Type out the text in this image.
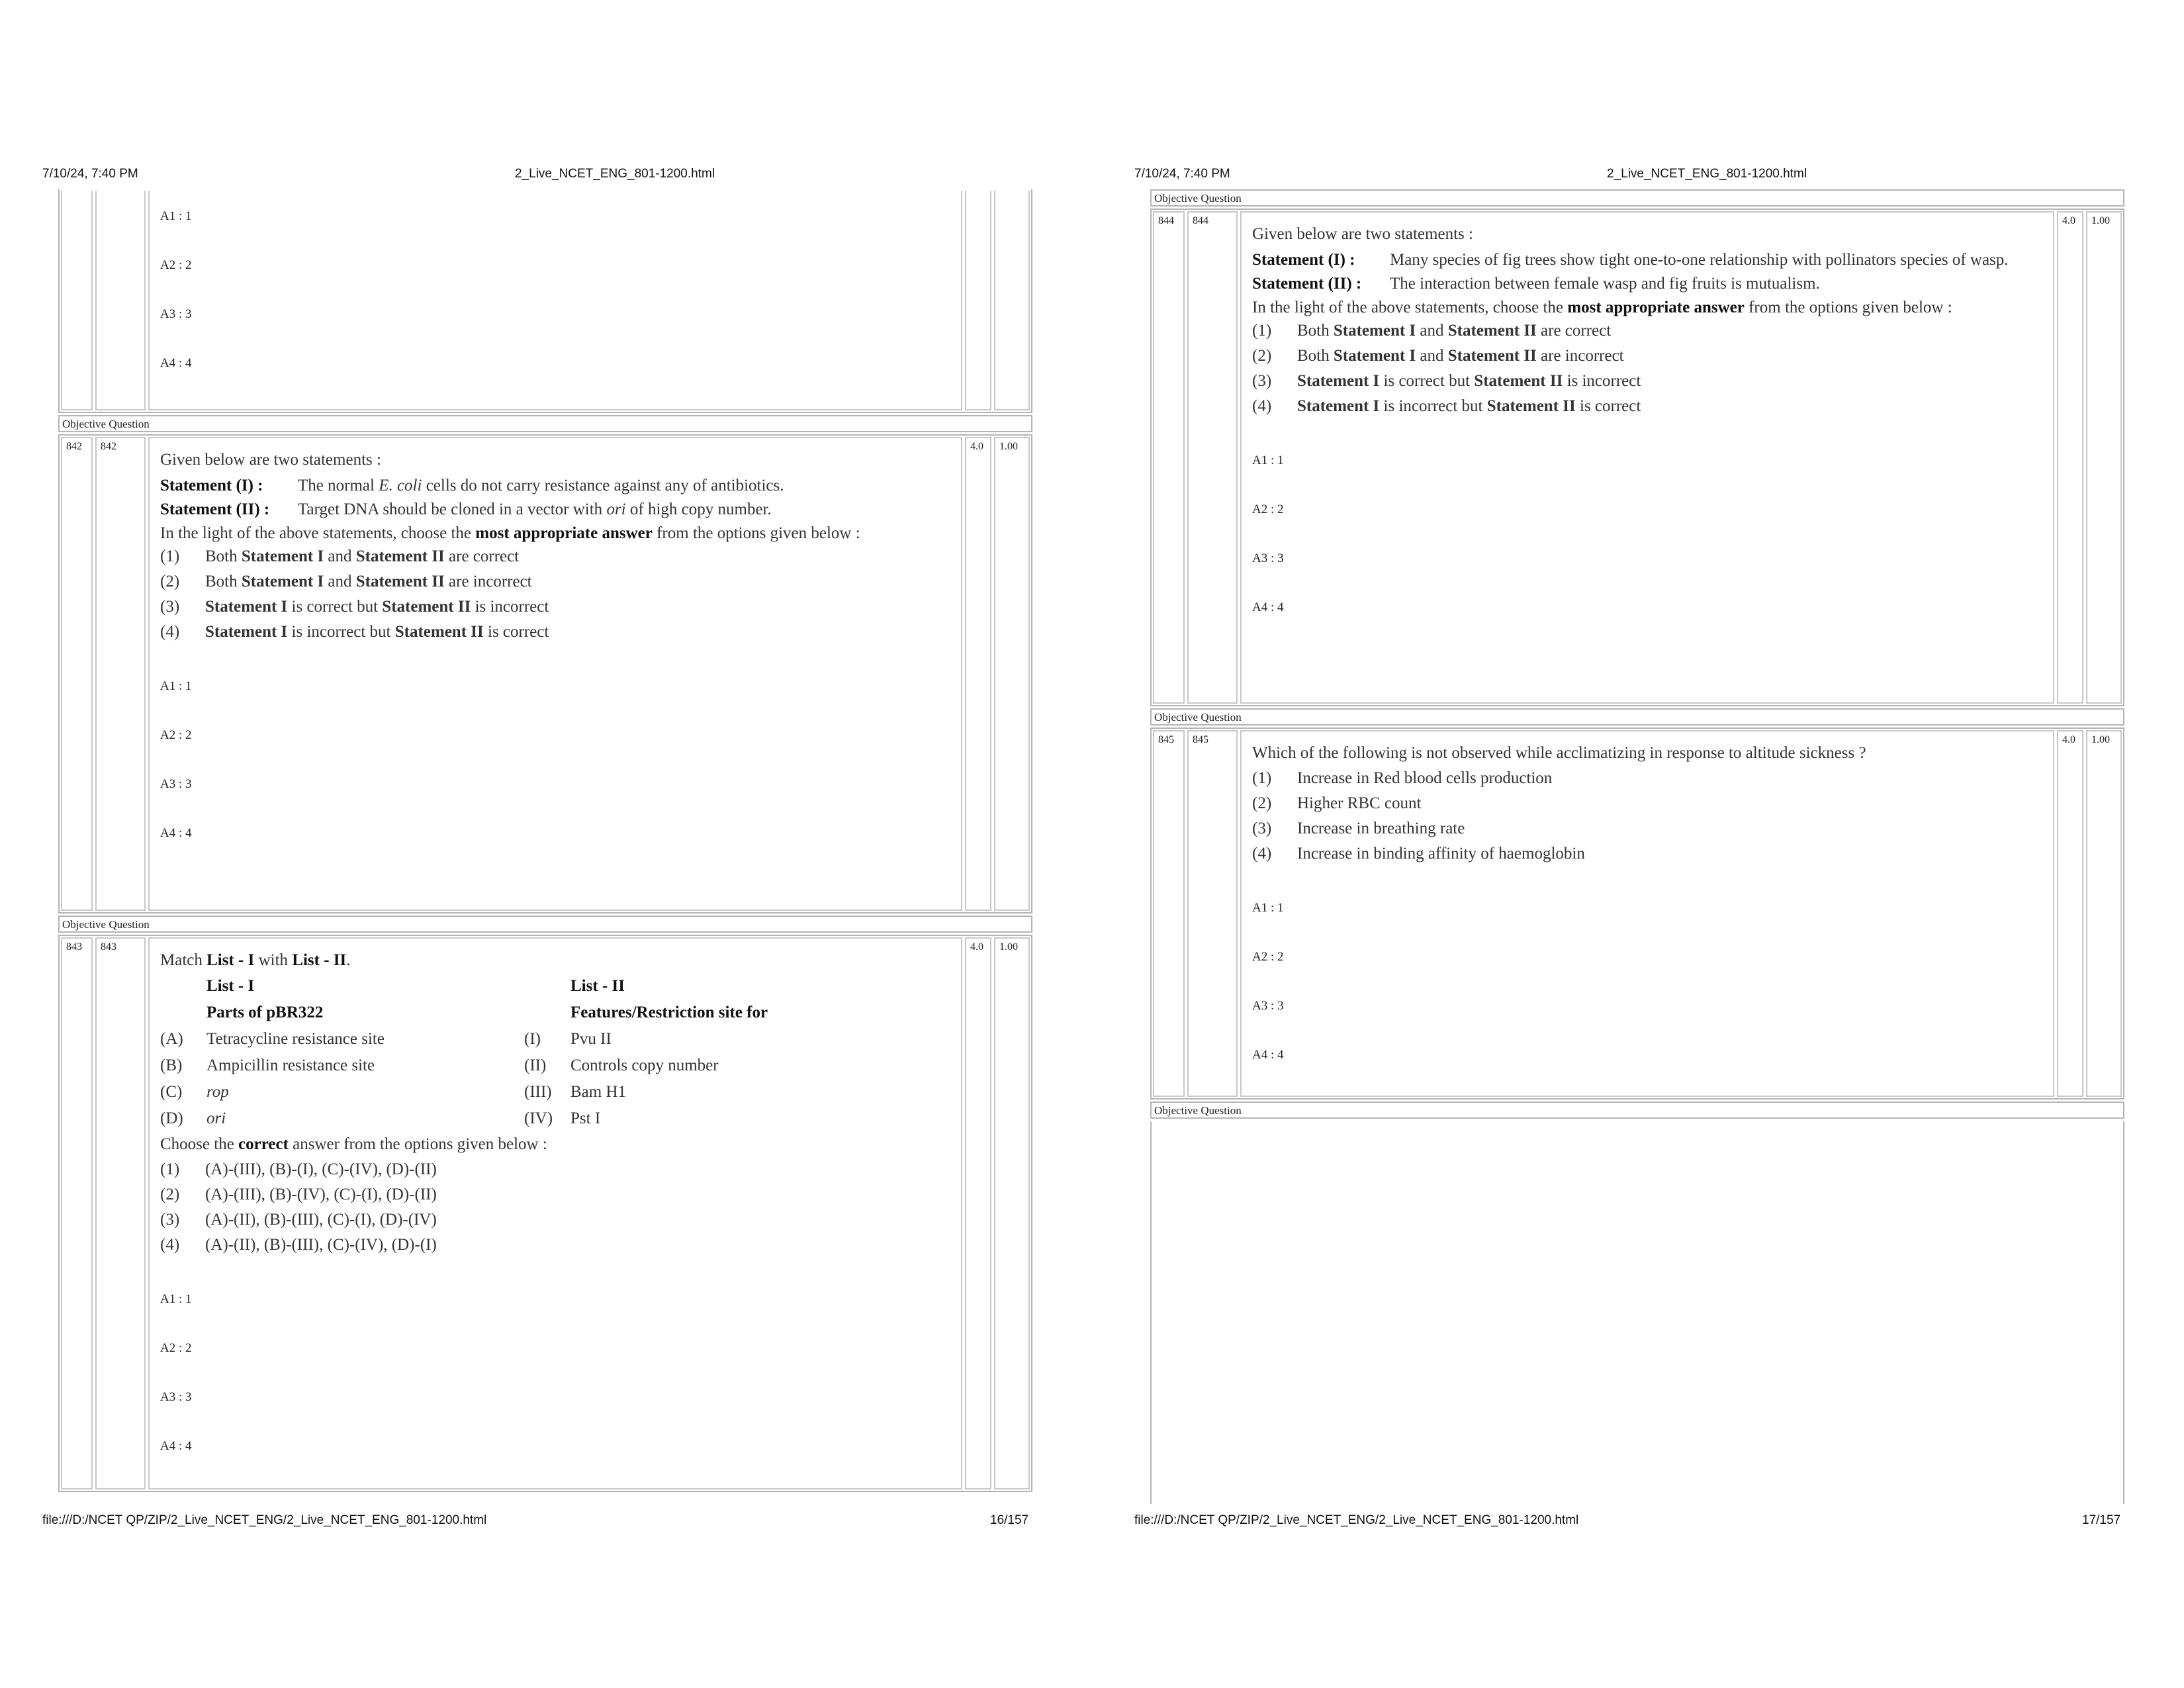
7/10/24, 7:40 PM	2_Live_NCET_ENG_801-1200.html
A1 : 1
A2 : 2
A3 : 3
A4 : 4
Objective Question
842	842
Given below are two statements :
Statement (I) :	The normal E. coli cells do not carry resistance against any of antibiotics.
Statement (II) :	Target DNA should be cloned in a vector with ori of high copy number.
In the light of the above statements, choose the most appropriate answer from the options given below :
(1)	Both Statement I and Statement II are correct
(2)	Both Statement I and Statement II are incorrect
(3)	Statement I is correct but Statement II is incorrect
(4)	Statement I is incorrect but Statement II is correct
A1 : 1
A2 : 2
A3 : 3
A4 : 4
4.0	1.00
Objective Question
843	843
Match List - I with List - II.
List - I	List - II
Parts of pBR322	Features/Restriction site for
(A)	Tetracycline resistance site	(I)	Pvu II
(B)	Ampicillin resistance site	(II)	Controls copy number
(C)	rop	(III)	Bam H1
(D)	ori	(IV)	Pst I
Choose the correct answer from the options given below :
(1)	(A)-(III), (B)-(I), (C)-(IV), (D)-(II)
(2)	(A)-(III), (B)-(IV), (C)-(I), (D)-(II)
(3)	(A)-(II), (B)-(III), (C)-(I), (D)-(IV)
(4)	(A)-(II), (B)-(III), (C)-(IV), (D)-(I)
A1 : 1
A2 : 2
A3 : 3
A4 : 4
4.0	1.00
file:///D:/NCET QP/ZIP/2_Live_NCET_ENG/2_Live_NCET_ENG_801-1200.html	16/157
7/10/24, 7:40 PM	2_Live_NCET_ENG_801-1200.html
Objective Question
844	844
Given below are two statements :
Statement (I) :	Many species of fig trees show tight one-to-one relationship with pollinators species of wasp.
Statement (II) :	The interaction between female wasp and fig fruits is mutualism.
In the light of the above statements, choose the most appropriate answer from the options given below :
(1)	Both Statement I and Statement II are correct
(2)	Both Statement I and Statement II are incorrect
(3)	Statement I is correct but Statement II is incorrect
(4)	Statement I is incorrect but Statement II is correct
A1 : 1
A2 : 2
A3 : 3
A4 : 4
4.0	1.00
Objective Question
845	845
Which of the following is not observed while acclimatizing in response to altitude sickness ?
(1)	Increase in Red blood cells production
(2)	Higher RBC count
(3)	Increase in breathing rate
(4)	Increase in binding affinity of haemoglobin
A1 : 1
A2 : 2
A3 : 3
A4 : 4
4.0	1.00
Objective Question
file:///D:/NCET QP/ZIP/2_Live_NCET_ENG/2_Live_NCET_ENG_801-1200.html	17/157
